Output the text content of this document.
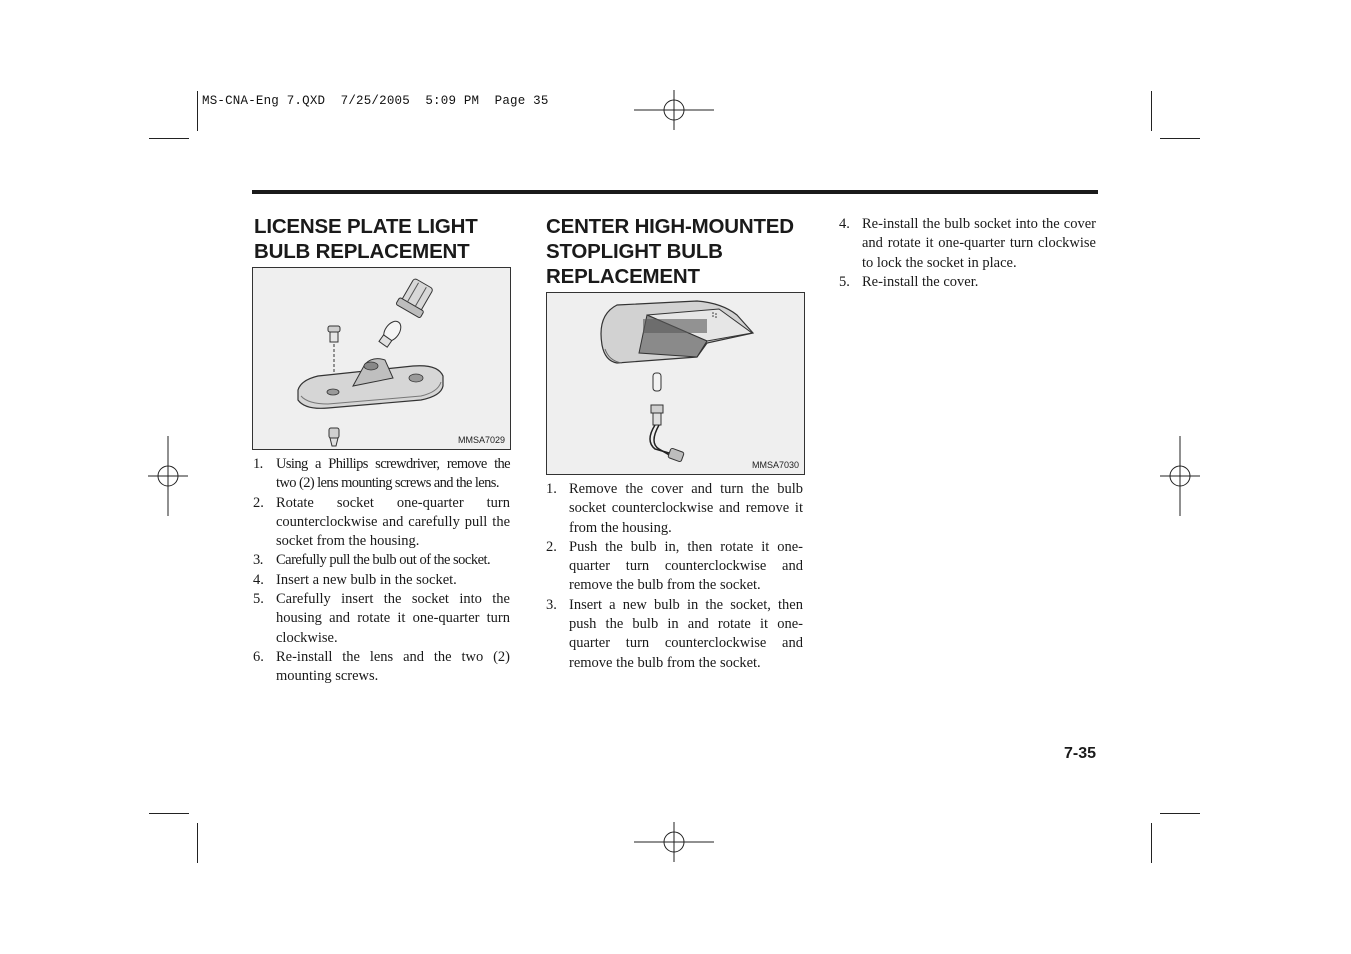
MS-CNA-Eng 7.QXD  7/25/2005  5:09 PM  Page 35
LICENSE PLATE LIGHT
BULB REPLACEMENT
MMSA7029
1. Using a Phillips screwdriver, remove the two (2) lens mounting screws and the lens.
2. Rotate socket one-quarter turn counterclockwise and carefully pull the socket from the housing.
3. Carefully pull the bulb out of the socket.
4. Insert a new bulb in the socket.
5. Carefully insert the socket into the housing and rotate it one-quarter turn clockwise.
6. Re-install the lens and the two (2) mounting screws.
CENTER HIGH-MOUNTED
STOPLIGHT BULB
REPLACEMENT
MMSA7030
1. Remove the cover and turn the bulb socket counterclockwise and remove it from the housing.
2. Push the bulb in, then rotate it one-quarter turn counterclockwise and remove the bulb from the socket.
3. Insert a new bulb in the socket, then push the bulb in and rotate it one-quarter turn counterclockwise and remove the bulb from the socket.
4. Re-install the bulb socket into the cover and rotate it one-quarter turn clockwise to lock the socket in place.
5. Re-install the cover.
7-35
